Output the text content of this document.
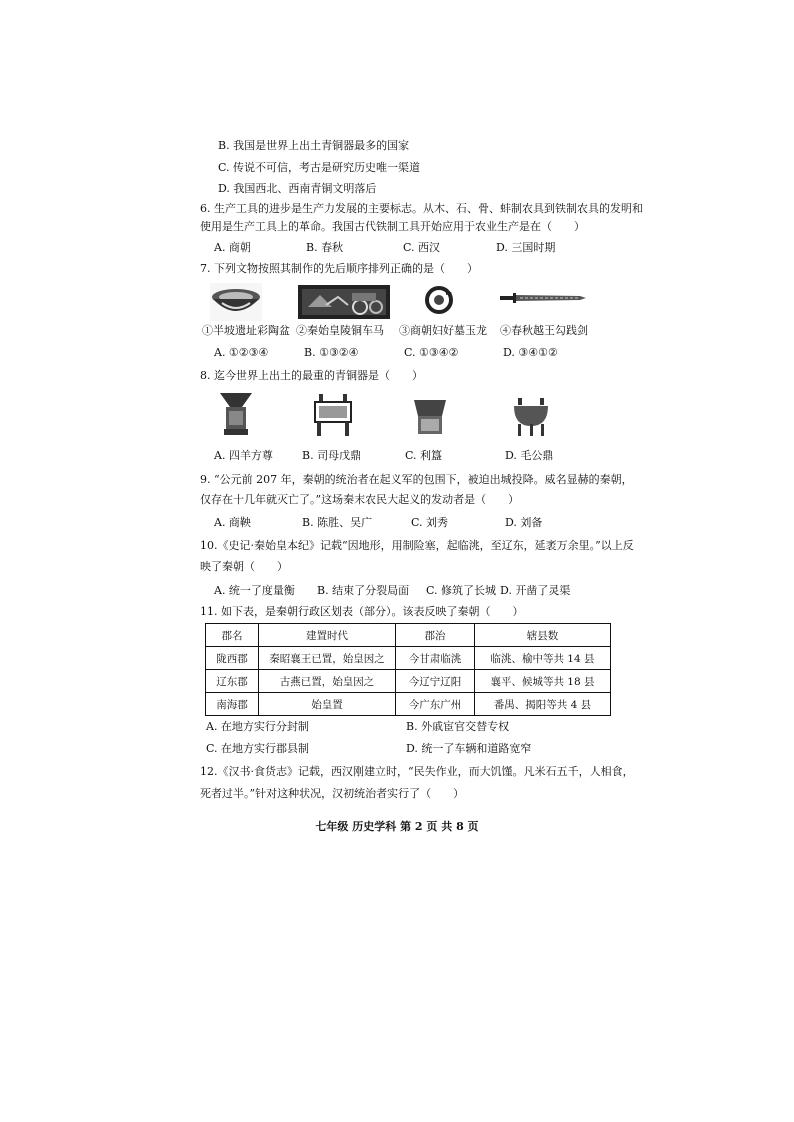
B. 我国是世界上出土青铜器最多的国家
C. 传说不可信，考古是研究历史唯一渠道
D. 我国西北、西南青铜文明落后
6. 生产工具的进步是生产力发展的主要标志。从木、石、骨、蚌制农具到铁制农具的发明和
使用是生产工具上的革命。我国古代铁制工具开始应用于农业生产是在（　　）
A. 商朝	B. 春秋	C. 西汉	D. 三国时期
7. 下列文物按照其制作的先后顺序排列正确的是（　　）
①半坡遗址彩陶盆 ②秦始皇陵铜车马 ③商朝妇好墓玉龙 ④春秋越王勾践剑
A. ①②③④	B. ①③②④	C. ①③④②	D. ③④①②
8. 迄今世界上出土的最重的青铜器是（　　）
A. 四羊方尊	B. 司母戊鼎	C. 利簋	D. 毛公鼎
9. “公元前 207 年，秦朝的统治者在起义军的包围下，被迫出城投降。威名显赫的秦朝，
仅存在十几年就灭亡了。”这场秦末农民大起义的发动者是（　　）
A. 商鞅	B. 陈胜、吴广	C. 刘秀	D. 刘备
10.《史记·秦始皇本纪》记载“因地形，用制险塞，起临洮，至辽东，延袤万余里。”以上反
映了秦朝（　　）
A. 统一了度量衡 B. 结束了分裂局面 C. 修筑了长城 D. 开凿了灵渠
11. 如下表，是秦朝行政区划表（部分）。该表反映了秦朝（　　）
郡名	建置时代	郡治	辖县数
陇西郡	秦昭襄王已置，始皇因之	今甘肃临洮	临洮、榆中等共 14 县
辽东郡	古燕已置，始皇因之	今辽宁辽阳	襄平、候城等共 18 县
南海郡	始皇置	今广东广州	番禺、揭阳等共 4 县
A. 在地方实行分封制	B. 外戚宦官交替专权
C. 在地方实行郡县制	D. 统一了车辆和道路宽窄
12.《汉书·食货志》记载，西汉刚建立时，“民失作业，而大饥馑。凡米石五千，人相食，
死者过半。”针对这种状况，汉初统治者实行了（　　）
七年级 历史学科 第 2 页 共 8 页
